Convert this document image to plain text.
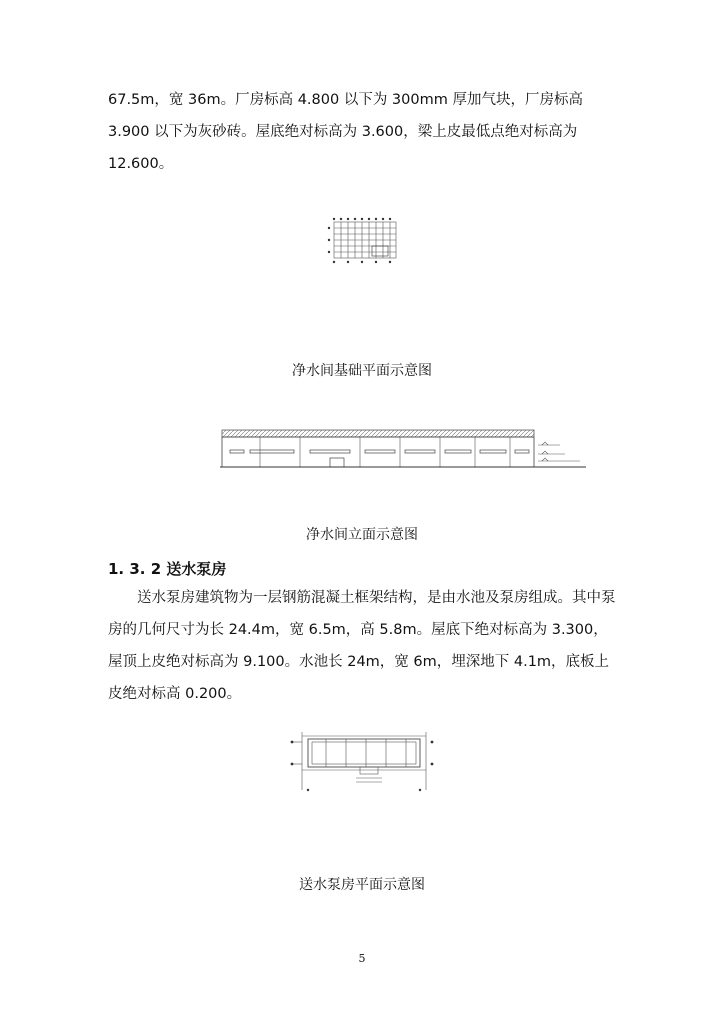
67.5m，宽 36m。厂房标高 4.800 以下为 300mm 厚加气块，厂房标高 3.900 以下为灰砂砖。屋底绝对标高为 3.600，梁上皮最低点绝对标高为 12.600。

净水间基础平面示意图
净水间立面示意图
1. 3. 2 送水泵房

送水泵房建筑物为一层钢筋混凝土框架结构，是由水池及泵房组成。其中泵房的几何尺寸为长 24.4m，宽 6.5m，高 5.8m。屋底下绝对标高为 3.300，屋顶上皮绝对标高为 9.100。水池长 24m，宽 6m，埋深地下 4.1m，底板上皮绝对标高 0.200。

送水泵房平面示意图
5
